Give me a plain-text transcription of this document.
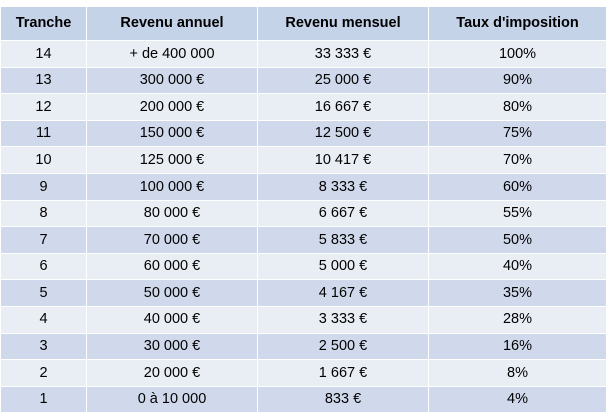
Tranche	Revenu annuel	Revenu mensuel	Taux d'imposition
14	+ de 400 000	33 333 €	100%
13	300 000 €	25 000 €	90%
12	200 000 €	16 667 €	80%
11	150 000 €	12 500 €	75%
10	125 000 €	10 417 €	70%
9	100 000 €	8 333 €	60%
8	80 000 €	6 667 €	55%
7	70 000 €	5 833 €	50%
6	60 000 €	5 000 €	40%
5	50 000 €	4 167 €	35%
4	40 000 €	3 333 €	28%
3	30 000 €	2 500 €	16%
2	20 000 €	1 667 €	8%
1	0 à 10 000	833 €	4%
